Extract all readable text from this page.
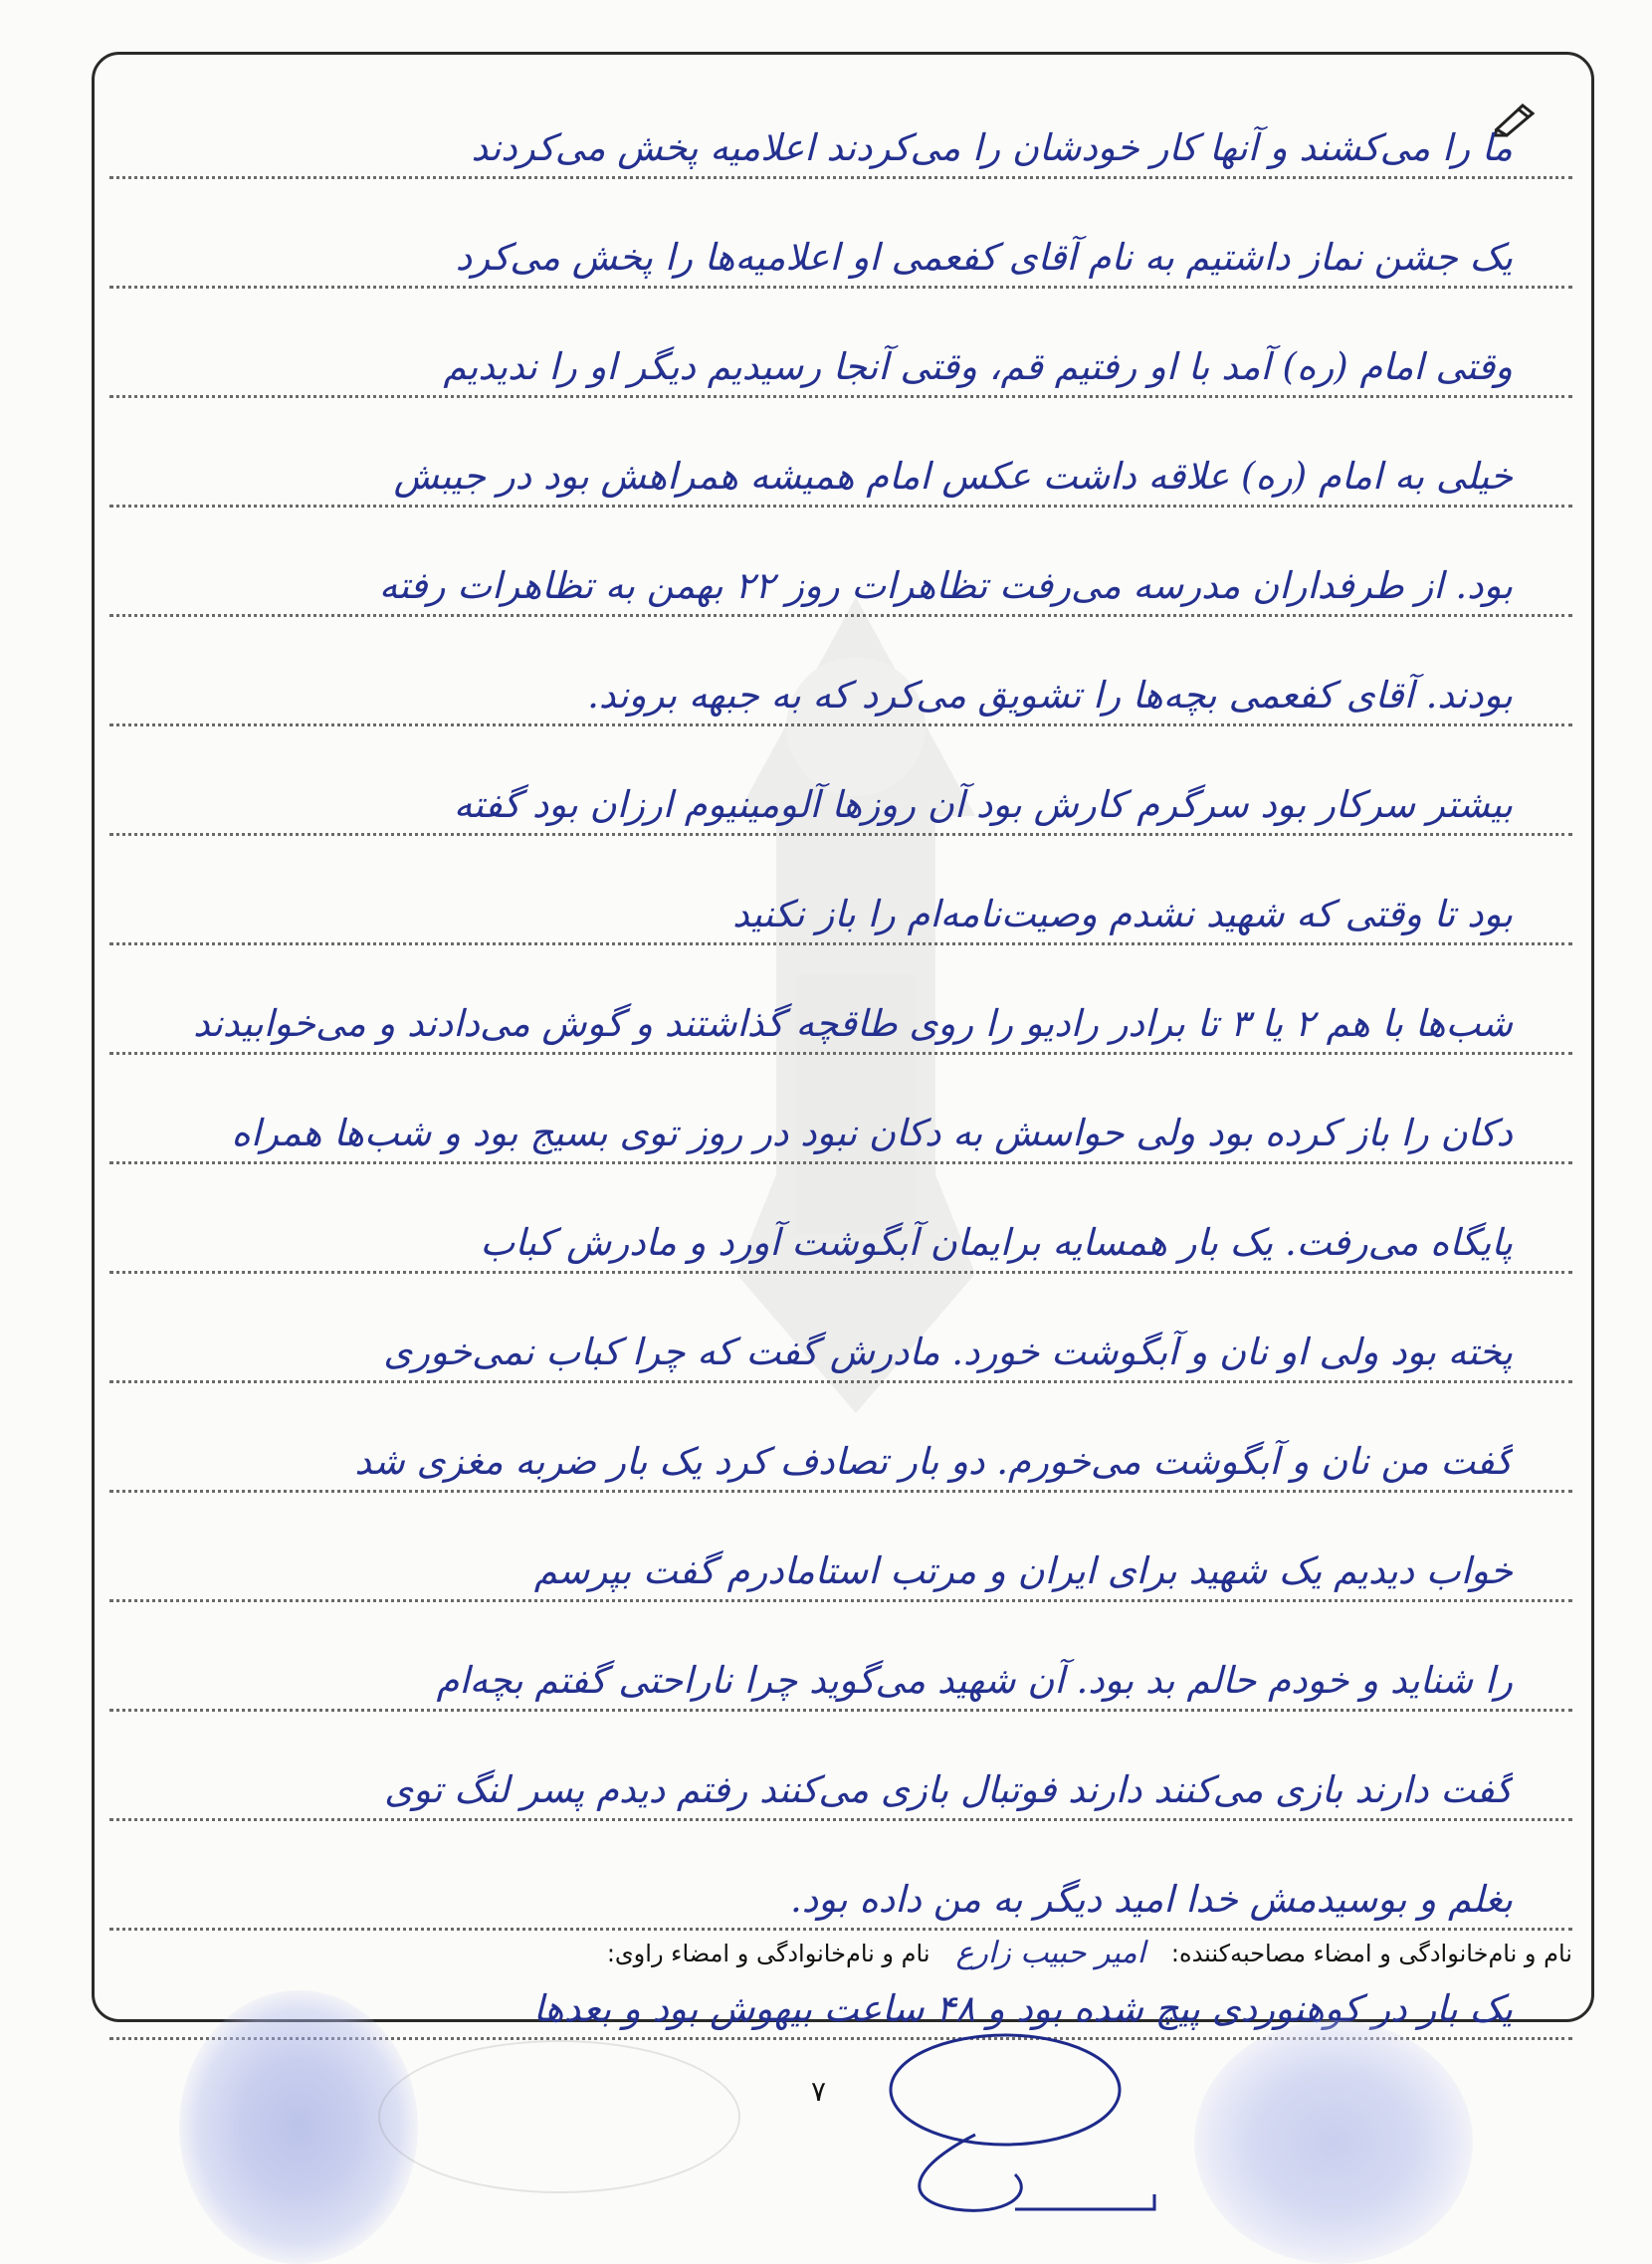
ما را می‌کشند و آنها کار خودشان را می‌کردند اعلامیه پخش می‌کردند
یک جشن نماز داشتیم به نام آقای کفعمی او اعلامیه‌ها را پخش می‌کرد
وقتی امام (ره) آمد با او رفتیم قم، وقتی آنجا رسیدیم دیگر او را ندیدیم
خیلی به امام (ره) علاقه داشت عکس امام همیشه همراهش بود در جیبش
بود. از طرفداران مدرسه می‌رفت تظاهرات روز ۲۲ بهمن به تظاهرات رفته
بودند. آقای کفعمی بچه‌ها را تشویق می‌کرد که به جبهه بروند.
بیشتر سرکار بود سرگرم کارش بود آن روزها آلومینیوم ارزان بود گفته
بود تا وقتی که شهید نشدم وصیت‌نامه‌ام را باز نکنید
شب‌ها با هم ۲ یا ۳ تا برادر رادیو را روی طاقچه گذاشتند و گوش می‌دادند و می‌خوابیدند
دکان را باز کرده بود ولی حواسش به دکان نبود در روز توی بسیج بود و شب‌ها همراه
پایگاه می‌رفت. یک بار همسایه برایمان آبگوشت آورد و مادرش کباب
پخته بود ولی او نان و آبگوشت خورد. مادرش گفت که چرا کباب نمی‌خوری
گفت من نان و آبگوشت می‌خورم. دو بار تصادف کرد یک بار ضربه مغزی شد
خواب دیدیم یک شهید برای ایران و مرتب استامادرم گفت بپرسم
را شناید و خودم حالم بد بود. آن شهید می‌گوید چرا ناراحتی گفتم بچه‌ام
گفت دارند بازی می‌کنند دارند فوتبال بازی می‌کنند رفتم دیدم پسر لنگ توی
بغلم و بوسیدمش خدا امید دیگر به من داده بود.
یک بار در کوهنوردی پیچ شده بود و ۴۸ ساعت بیهوش بود و بعدها
نام و نام‌خانوادگی و امضاء مصاحبه‌کننده:
امیر حبیب زارع
نام و نام‌خانوادگی و امضاء راوی:
۷
